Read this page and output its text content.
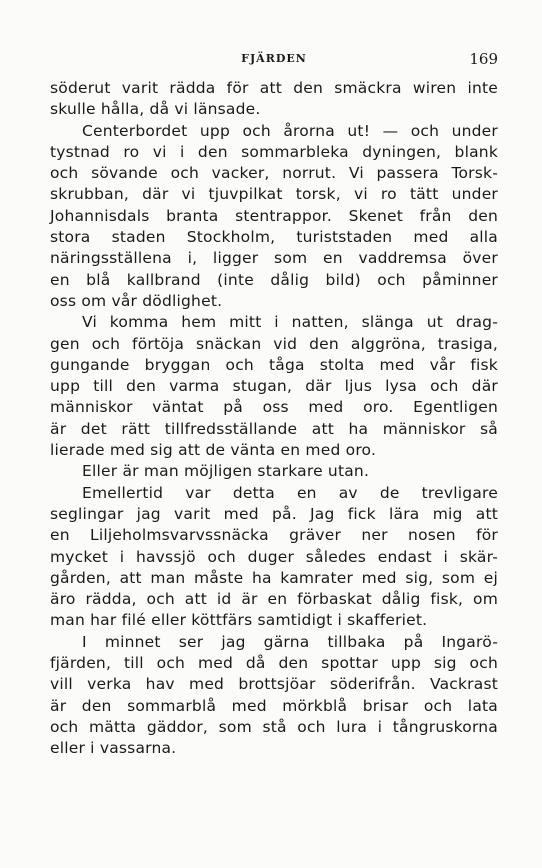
FJÄRDEN	169
söderut varit rädda för att den smäckra wiren inte
skulle hålla, då vi länsade.
Centerbordet upp och årorna ut! — och under
tystnad ro vi i den sommarbleka dyningen, blank
och sövande och vacker, norrut. Vi passera Torsk-
skrubban, där vi tjuvpilkat torsk, vi ro tätt under
Johannisdals branta stentrappor. Skenet från den
stora staden Stockholm, turiststaden med alla
näringsställena i, ligger som en vaddremsa över
en blå kallbrand (inte dålig bild) och påminner
oss om vår dödlighet.
Vi komma hem mitt i natten, slänga ut drag-
gen och förtöja snäckan vid den alggröna, trasiga,
gungande bryggan och tåga stolta med vår fisk
upp till den varma stugan, där ljus lysa och där
människor väntat på oss med oro. Egentligen
är det rätt tillfredsställande att ha människor så
lierade med sig att de vänta en med oro.
Eller är man möjligen starkare utan.
Emellertid var detta en av de trevligare
seglingar jag varit med på. Jag fick lära mig att
en Liljeholmsvarvssnäckа gräver ner nosen för
mycket i havssjö och duger således endast i skär-
gården, att man måste ha kamrater med sig, som ej
äro rädda, och att id är en förbaskat dålig fisk, om
man har filé eller köttfärs samtidigt i skafferiet.
I minnet ser jag gärna tillbaka på Ingarö-
fjärden, till och med då den spottar upp sig och
vill verka hav med brottsjöar söderifrån. Vackrast
är den sommarblå med mörkblå brisar och lata
och mätta gäddor, som stå och lura i tångruskorna
eller i vassarna.
